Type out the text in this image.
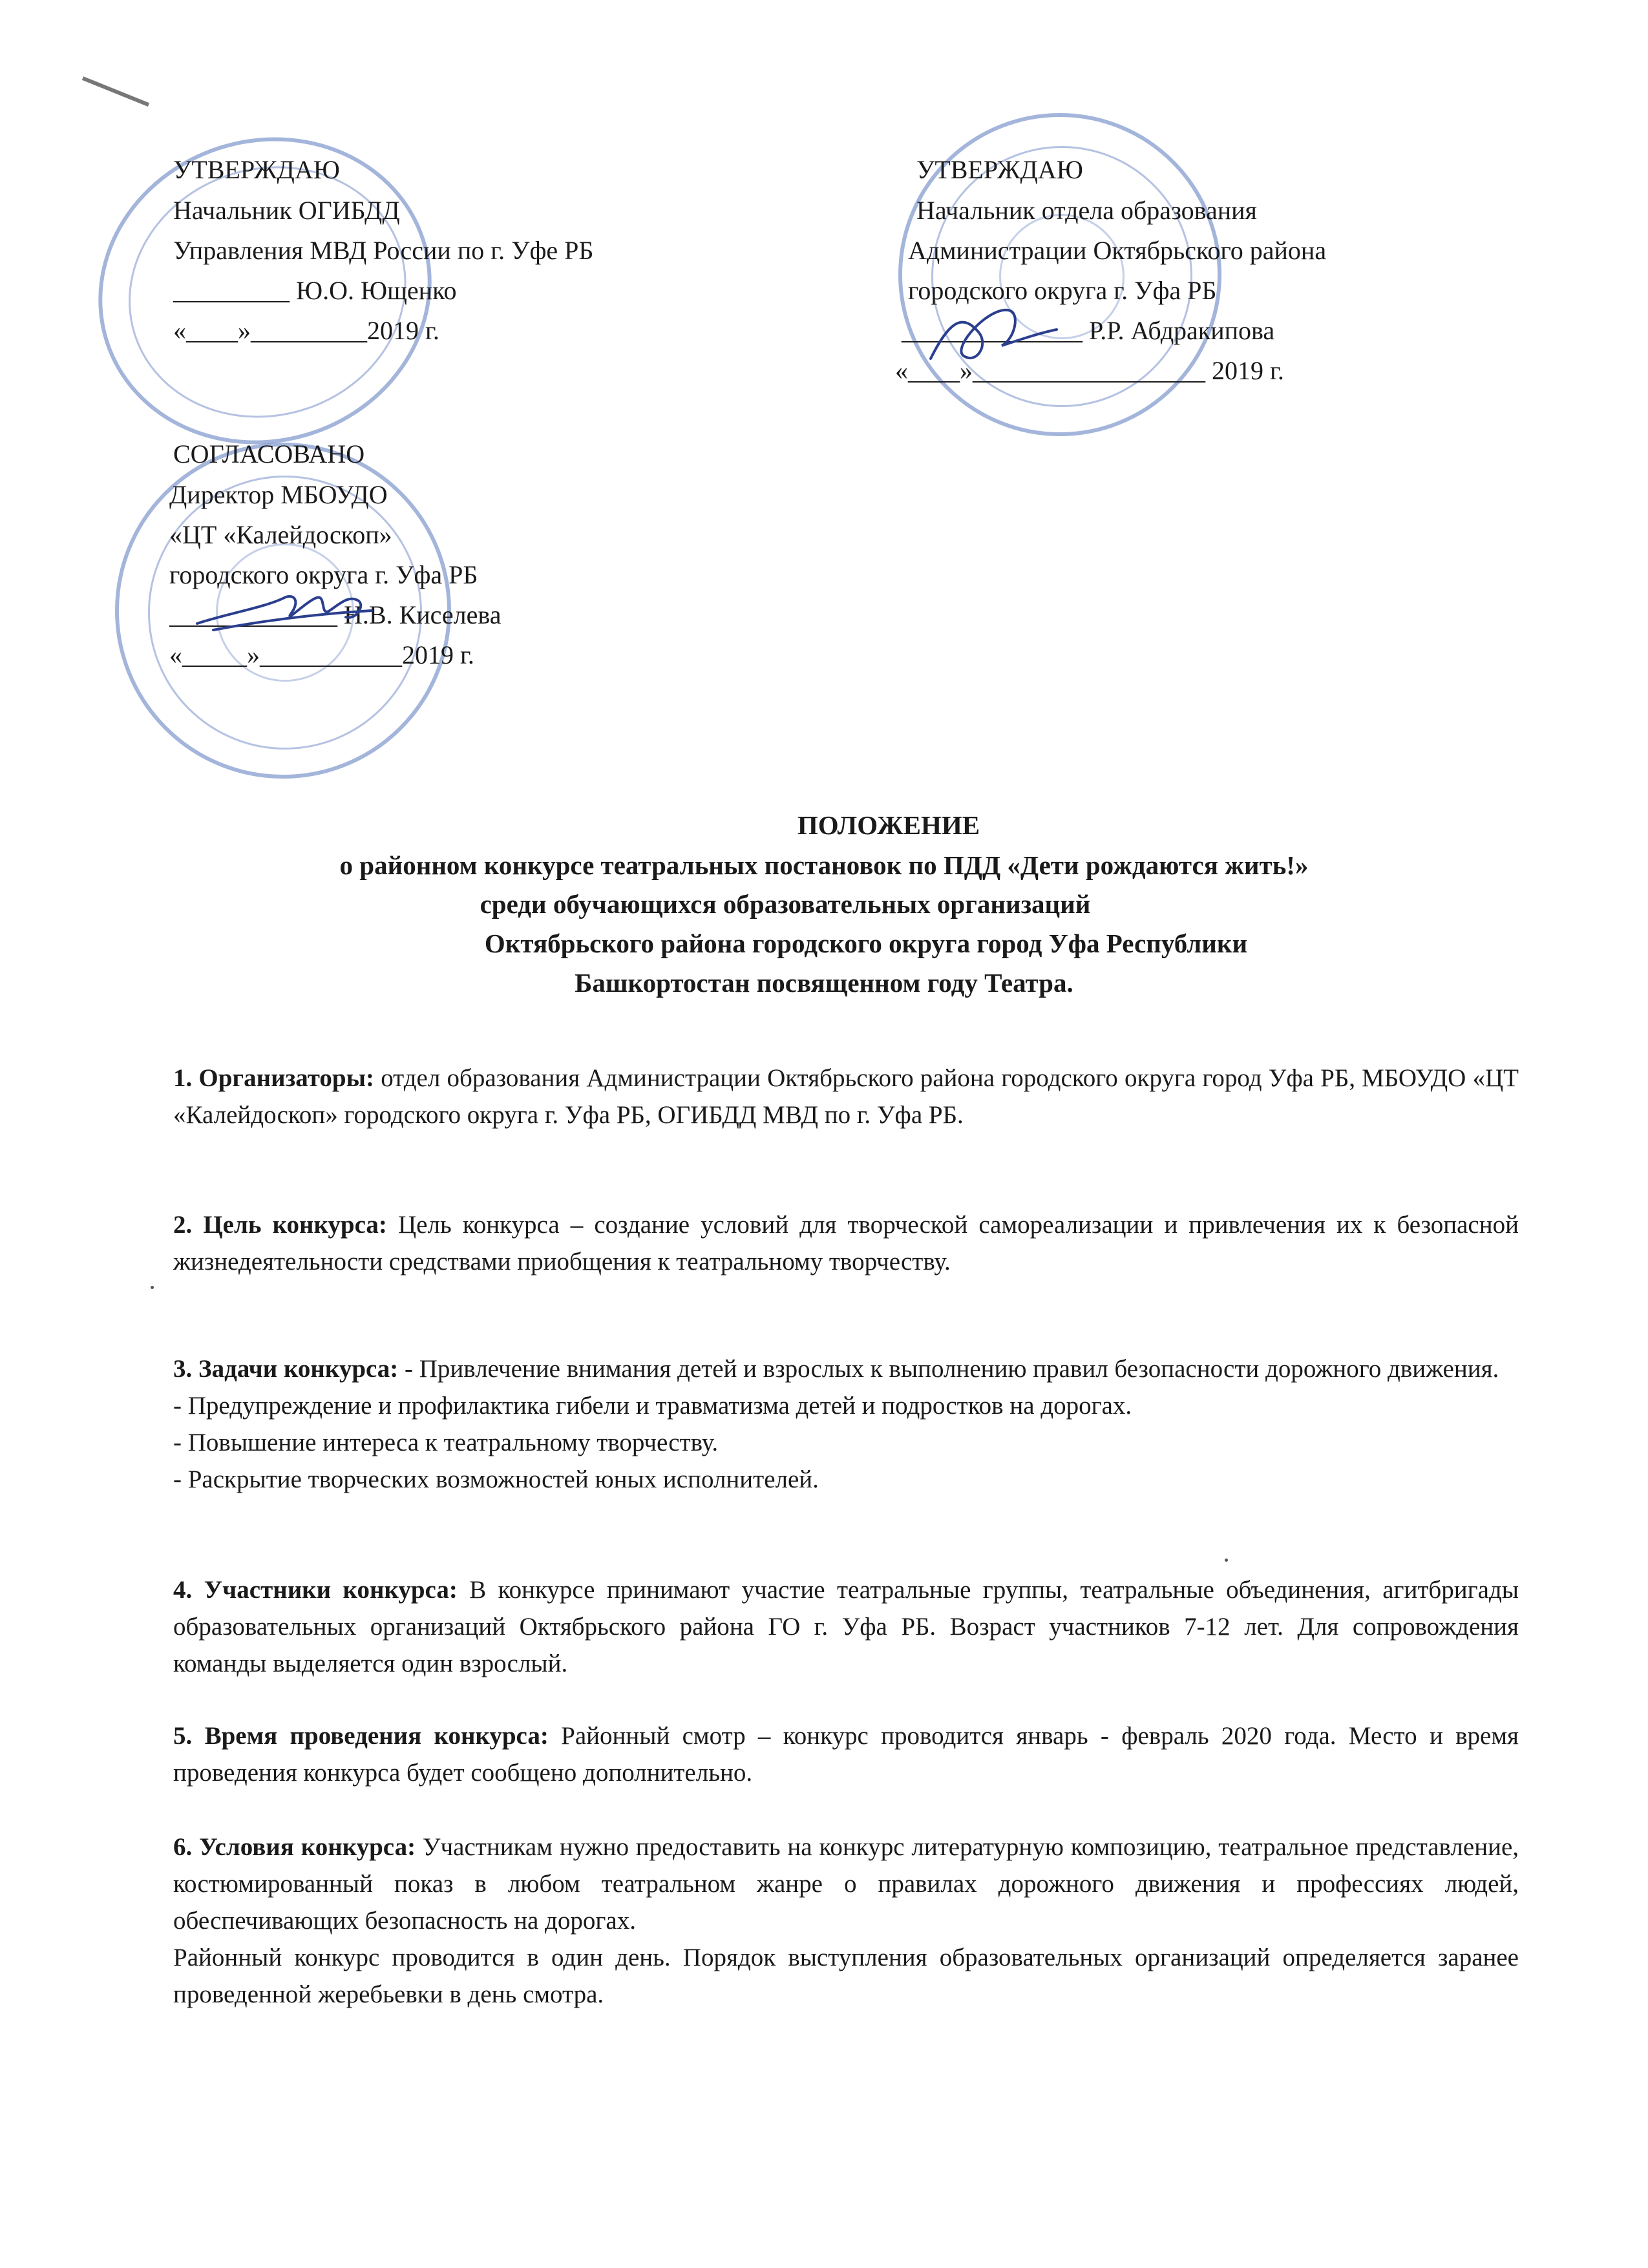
УТВЕРЖДАЮ
Начальник ОГИБДД
Управления МВД России по г. Уфе РБ
_________ Ю.О. Ющенко
«____»_________2019 г.
УТВЕРЖДАЮ
Начальник отдела образования
Администрации Октябрьского района
городского округа г. Уфа РБ
______________ Р.Р. Абдракипова
«____»__________________ 2019 г.
СОГЛАСОВАНО
Директор МБОУДО
«ЦТ «Калейдоскоп»
городского округа г. Уфа РБ
_____________ Н.В. Киселева
«_____»___________2019 г.
ПОЛОЖЕНИЕ
о районном конкурсе театральных постановок по ПДД «Дети рождаются жить!»
среди обучающихся образовательных организаций
Октябрьского района городского округа город Уфа Республики
Башкортостан посвященном году Театра.

1. Организаторы: отдел образования Администрации Октябрьского района городского округа город Уфа РБ, МБОУДО «ЦТ «Калейдоскоп» городского округа г. Уфа РБ, ОГИБДД МВД по г. Уфа РБ.

2. Цель конкурса: Цель конкурса – создание условий для творческой самореализации и привлечения их к безопасной жизнедеятельности средствами приобщения к театральному творчеству.

3. Задачи конкурса: - Привлечение внимания детей и взрослых к выполнению правил безопасности дорожного движения.

- Предупреждение и профилактика гибели и травматизма детей и подростков на дорогах.

- Повышение интереса к театральному творчеству.

- Раскрытие творческих возможностей юных исполнителей.

4. Участники конкурса: В конкурсе принимают участие театральные группы, театральные объединения, агитбригады образовательных организаций Октябрьского района ГО г. Уфа РБ. Возраст участников 7-12 лет. Для сопровождения команды выделяется один взрослый.

5. Время проведения конкурса: Районный смотр – конкурс проводится январь - февраль 2020 года. Место и время проведения конкурса будет сообщено дополнительно.

6. Условия конкурса: Участникам нужно предоставить на конкурс литературную композицию, театральное представление, костюмированный показ в любом театральном жанре о правилах дорожного движения и профессиях людей, обеспечивающих безопасность на дорогах.

Районный конкурс проводится в один день. Порядок выступления образовательных организаций определяется заранее проведенной жеребьевки в день смотра.
